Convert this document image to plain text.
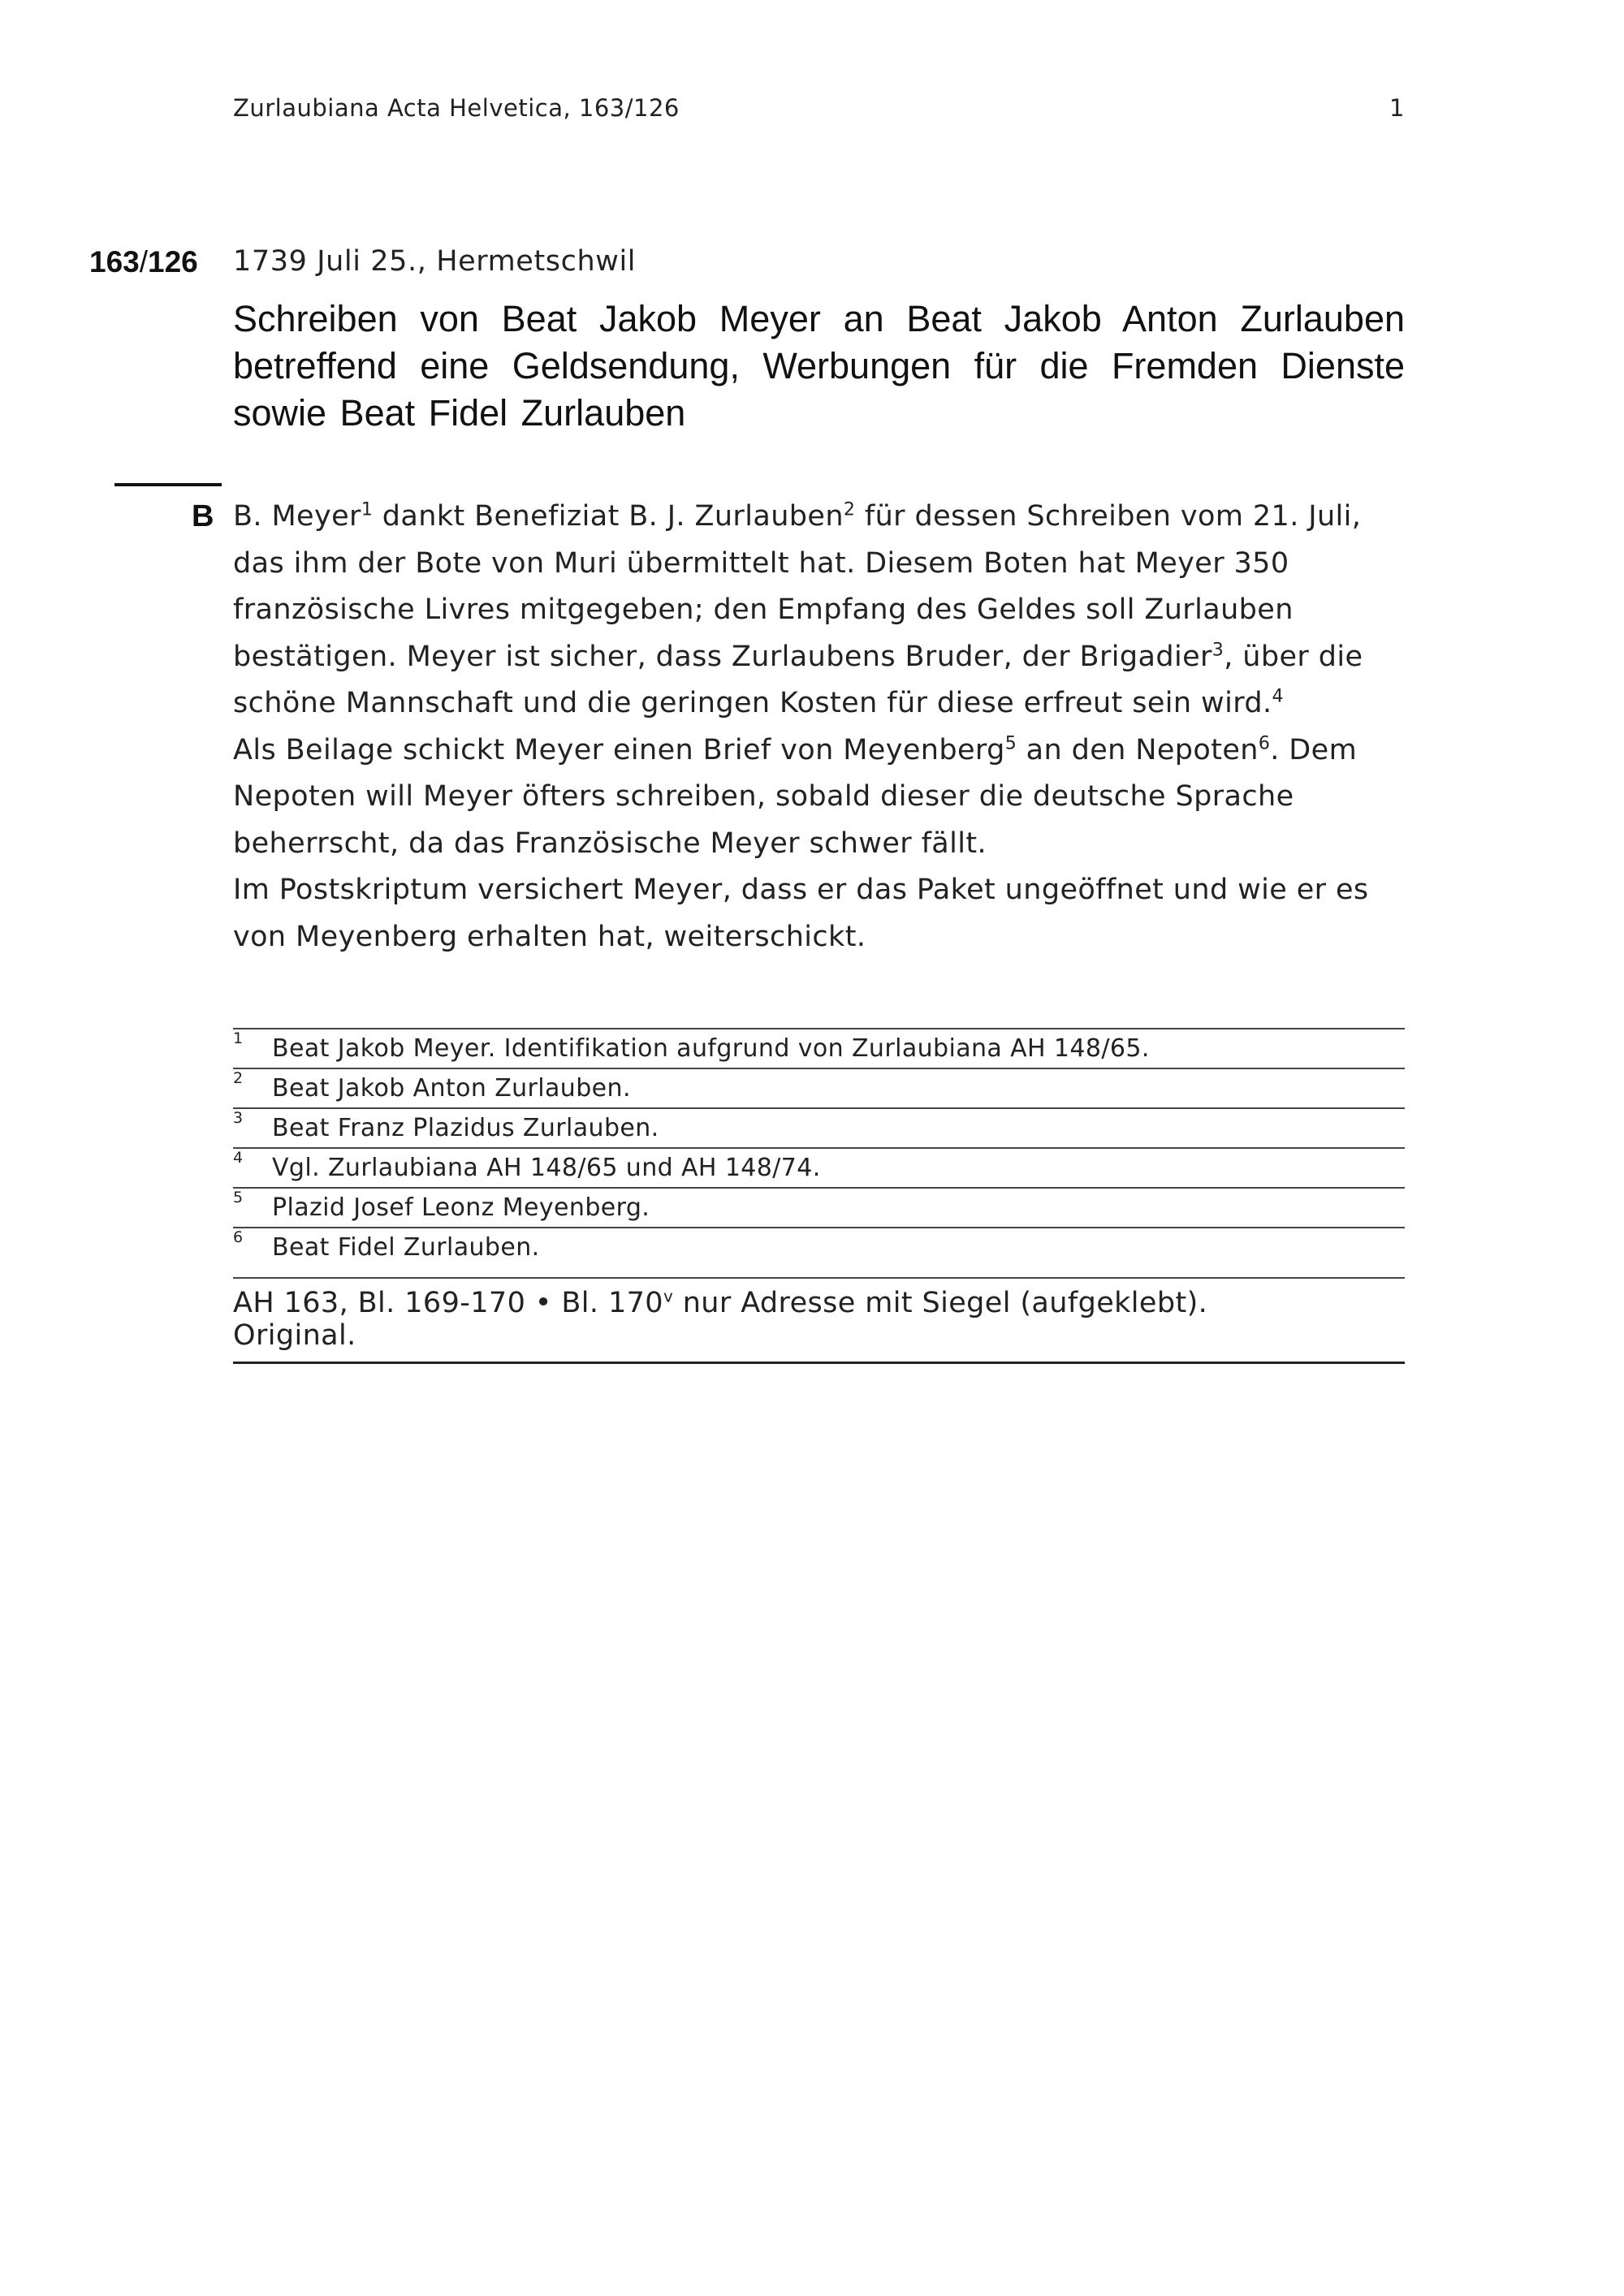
Zurlaubiana Acta Helvetica, 163/126	1
163/126 1739 Juli 25., Hermetschwil
Schreiben von Beat Jakob Meyer an Beat Jakob Anton Zurlauben betreffend eine Geldsendung, Werbungen für die Fremden Dienste sowie Beat Fidel Zurlauben
B B. Meyer$^1$ dankt Benefiziat B. J. Zurlauben$^2$ für dessen Schreiben vom 21. Juli, das ihm der Bote von Muri übermittelt hat. Diesem Boten hat Meyer 350 französische Livres mitgegeben; den Empfang des Geldes soll Zurlauben bestätigen. Meyer ist sicher, dass Zurlaubens Bruder, der Brigadier$^3$, über die schöne Mannschaft und die geringen Kosten für diese erfreut sein wird.$^4$

Als Beilage schickt Meyer einen Brief von Meyenberg$^5$ an den Nepoten$^6$. Dem Nepoten will Meyer öfters schreiben, sobald dieser die deutsche Sprache beherrscht, da das Französische Meyer schwer fällt.

Im Postskriptum versichert Meyer, dass er das Paket ungeöffnet und wie er es von Meyenberg erhalten hat, weiterschickt.

1 Beat Jakob Meyer. Identifikation aufgrund von Zurlaubiana AH 148/65.
2 Beat Jakob Anton Zurlauben.
3 Beat Franz Plazidus Zurlauben.
4 Vgl. Zurlaubiana AH 148/65 und AH 148/74.
5 Plazid Josef Leonz Meyenberg.
6 Beat Fidel Zurlauben.
AH 163, Bl. 169-170 • Bl. 170$^v$ nur Adresse mit Siegel (aufgeklebt).
Original.
